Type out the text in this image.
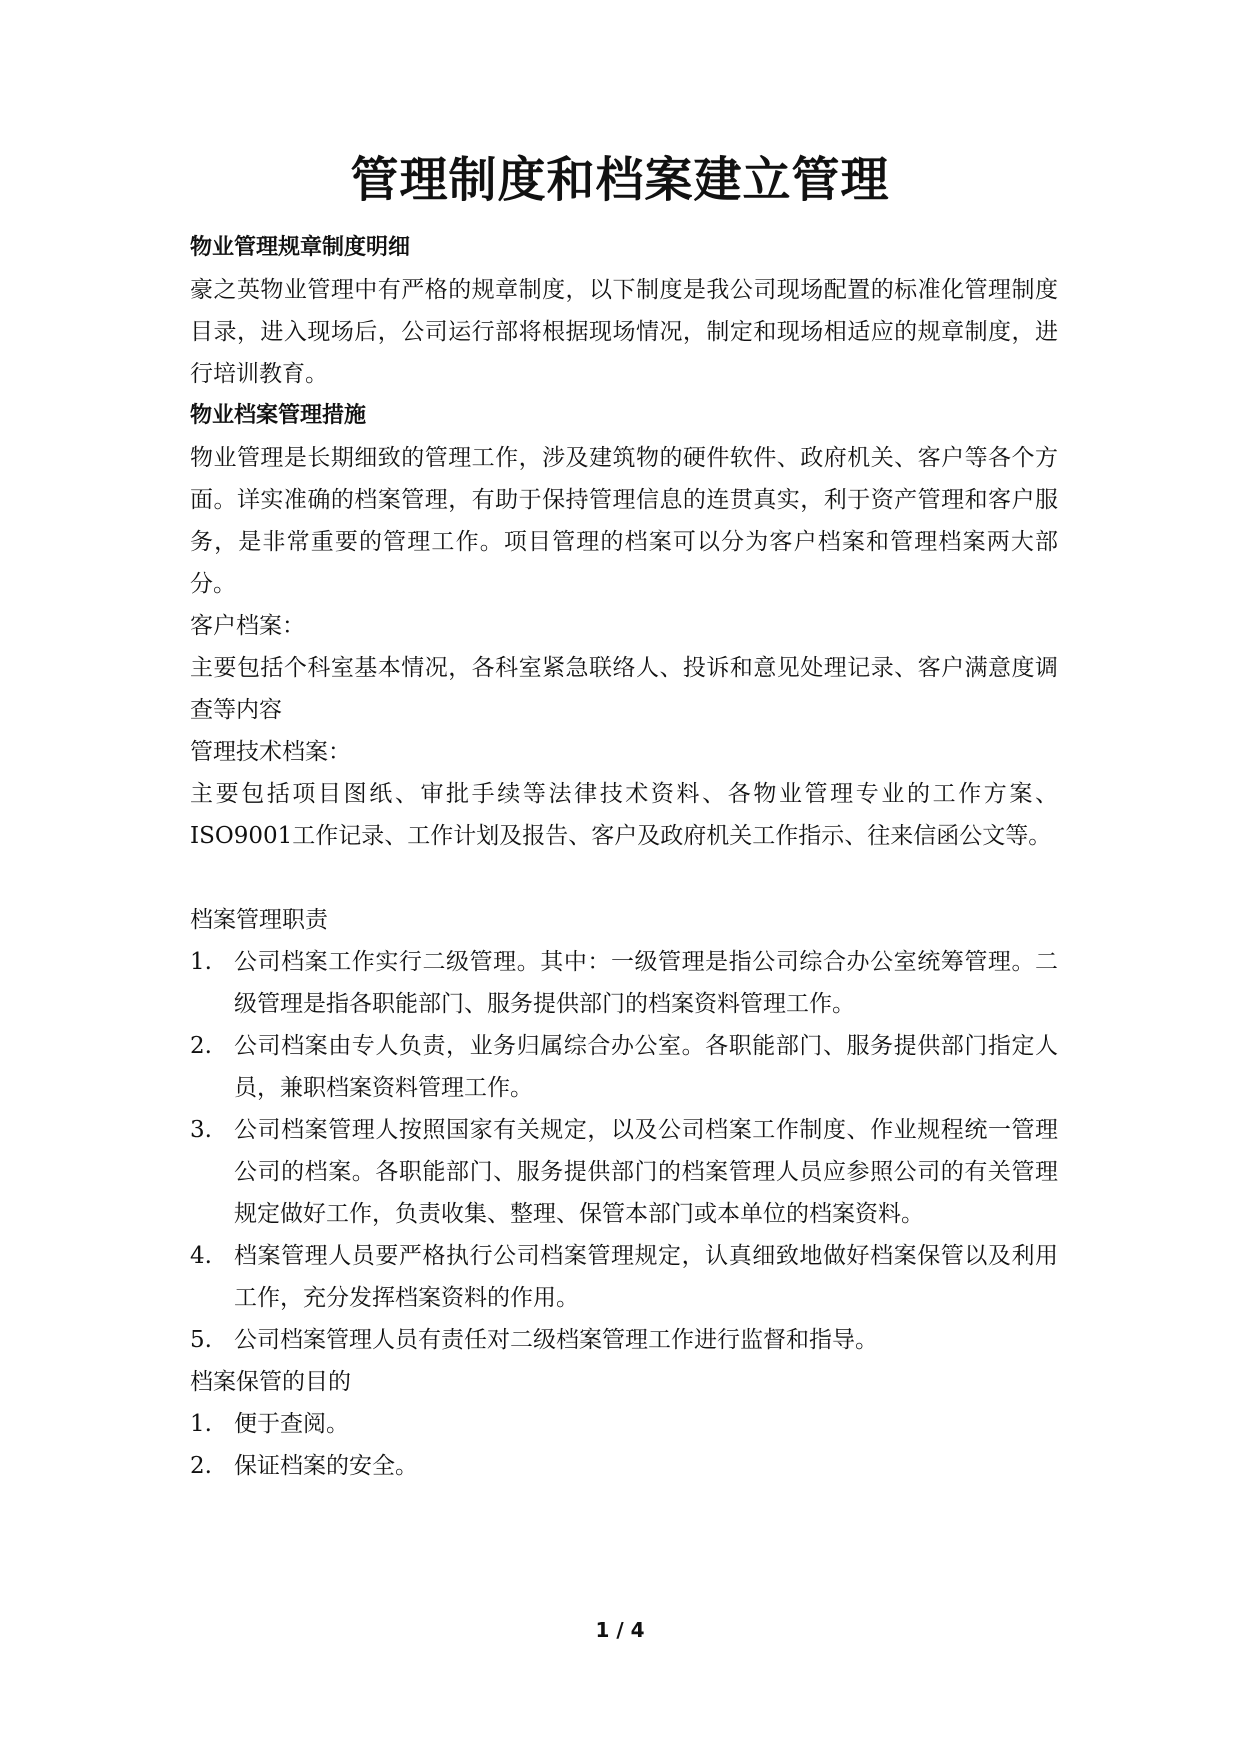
管理制度和档案建立管理
物业管理规章制度明细

豪之英物业管理中有严格的规章制度，以下制度是我公司现场配置的标准化管理制度目录，进入现场后，公司运行部将根据现场情况，制定和现场相适应的规章制度，进行培训教育。

物业档案管理措施

物业管理是长期细致的管理工作，涉及建筑物的硬件软件、政府机关、客户等各个方面。详实准确的档案管理，有助于保持管理信息的连贯真实，利于资产管理和客户服务，是非常重要的管理工作。项目管理的档案可以分为客户档案和管理档案两大部分。

客户档案：

主要包括个科室基本情况，各科室紧急联络人、投诉和意见处理记录、客户满意度调查等内容

管理技术档案：

主要包括项目图纸、审批手续等法律技术资料、各物业管理专业的工作方案、ISO9001工作记录、工作计划及报告、客户及政府机关工作指示、往来信函公文等。

档案管理职责

1. 公司档案工作实行二级管理。其中：一级管理是指公司综合办公室统筹管理。二级管理是指各职能部门、服务提供部门的档案资料管理工作。
2. 公司档案由专人负责，业务归属综合办公室。各职能部门、服务提供部门指定人员，兼职档案资料管理工作。
3. 公司档案管理人按照国家有关规定，以及公司档案工作制度、作业规程统一管理公司的档案。各职能部门、服务提供部门的档案管理人员应参照公司的有关管理规定做好工作，负责收集、整理、保管本部门或本单位的档案资料。
4. 档案管理人员要严格执行公司档案管理规定，认真细致地做好档案保管以及利用工作，充分发挥档案资料的作用。
5. 公司档案管理人员有责任对二级档案管理工作进行监督和指导。

档案保管的目的

1. 便于查阅。
2. 保证档案的安全。
1 / 4
